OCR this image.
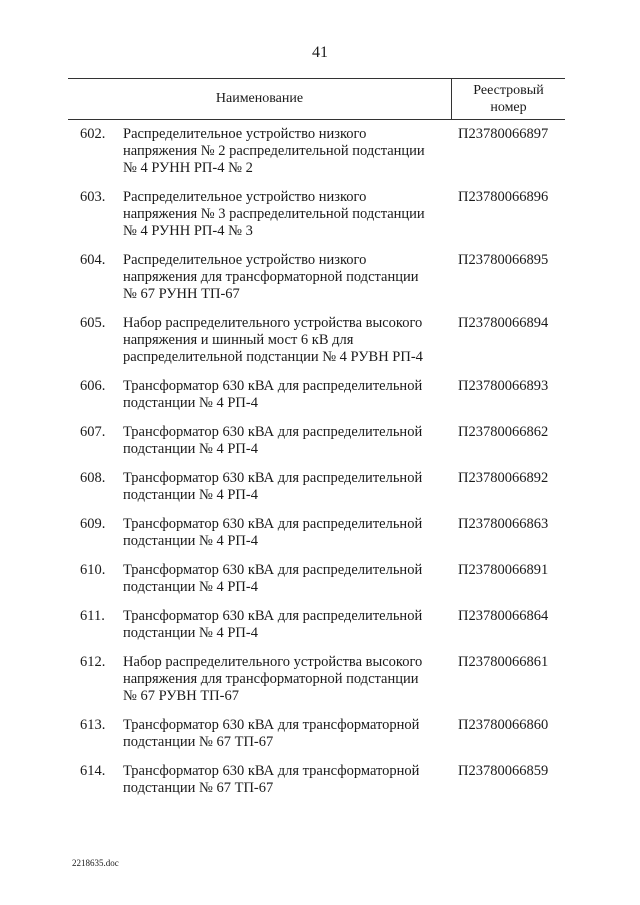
41
Наименование
Реестровый
номер
602.	Распределительное устройство низкого
напряжения № 2 распределительной подстанции
№ 4 РУНН РП-4 № 2
П23780066897
603.	Распределительное устройство низкого
напряжения № 3 распределительной подстанции
№ 4 РУНН РП-4 № 3
П23780066896
604.	Распределительное устройство низкого
напряжения для трансформаторной подстанции
№ 67 РУНН ТП-67
П23780066895
605.	Набор распределительного устройства высокого
напряжения и шинный мост 6 кВ для
распределительной подстанции № 4 РУВН РП-4
П23780066894
606.	Трансформатор 630 кВА для распределительной
подстанции № 4 РП-4
П23780066893
607.	Трансформатор 630 кВА для распределительной
подстанции № 4 РП-4
П23780066862
608.	Трансформатор 630 кВА для распределительной
подстанции № 4 РП-4
П23780066892
609.	Трансформатор 630 кВА для распределительной
подстанции № 4 РП-4
П23780066863
610.	Трансформатор 630 кВА для распределительной
подстанции № 4 РП-4
П23780066891
611.	Трансформатор 630 кВА для распределительной
подстанции № 4 РП-4
П23780066864
612.	Набор распределительного устройства высокого
напряжения для трансформаторной подстанции
№ 67 РУВН ТП-67
П23780066861
613.	Трансформатор 630 кВА для трансформаторной
подстанции № 67 ТП-67
П23780066860
614.	Трансформатор 630 кВА для трансформаторной
подстанции № 67 ТП-67
П23780066859
2218635.doc
